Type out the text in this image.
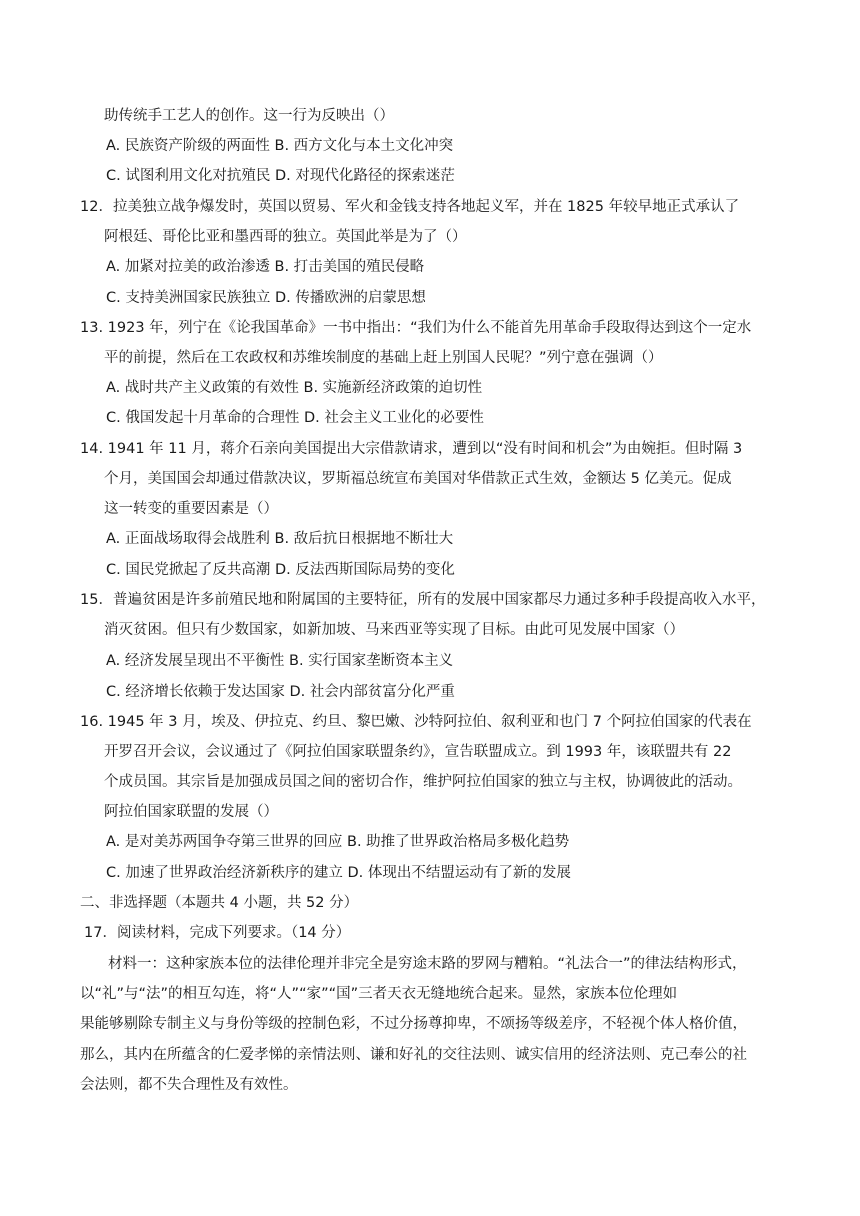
助传统手工艺人的创作。这一行为反映出（）
A. 民族资产阶级的两面性 B. 西方文化与本土文化冲突
C. 试图利用文化对抗殖民 D. 对现代化路径的探索迷茫
12．拉美独立战争爆发时，英国以贸易、军火和金钱支持各地起义军，并在 1825 年较早地正式承认了
阿根廷、哥伦比亚和墨西哥的独立。英国此举是为了（）
A. 加紧对拉美的政治渗透 B. 打击美国的殖民侵略
C. 支持美洲国家民族独立 D. 传播欧洲的启蒙思想
13. 1923 年，列宁在《论我国革命》一书中指出：“我们为什么不能首先用革命手段取得达到这个一定水
平的前提，然后在工农政权和苏维埃制度的基础上赶上别国人民呢？”列宁意在强调（）
A. 战时共产主义政策的有效性 B. 实施新经济政策的迫切性
C. 俄国发起十月革命的合理性 D. 社会主义工业化的必要性
14. 1941 年 11 月，蒋介石亲向美国提出大宗借款请求，遭到以“没有时间和机会”为由婉拒。但时隔 3
个月，美国国会却通过借款决议，罗斯福总统宣布美国对华借款正式生效，金额达 5 亿美元。促成
这一转变的重要因素是（）
A. 正面战场取得会战胜利 B. 敌后抗日根据地不断壮大
C. 国民党掀起了反共高潮 D. 反法西斯国际局势的变化
15．普遍贫困是许多前殖民地和附属国的主要特征，所有的发展中国家都尽力通过多种手段提高收入水平，
消灭贫困。但只有少数国家，如新加坡、马来西亚等实现了目标。由此可见发展中国家（）
A. 经济发展呈现出不平衡性 B. 实行国家垄断资本主义
C. 经济增长依赖于发达国家 D. 社会内部贫富分化严重
16. 1945 年 3 月，埃及、伊拉克、约旦、黎巴嫩、沙特阿拉伯、叙利亚和也门 7 个阿拉伯国家的代表在
开罗召开会议，会议通过了《阿拉伯国家联盟条约》，宣告联盟成立。到 1993 年，该联盟共有 22
个成员国。其宗旨是加强成员国之间的密切合作，维护阿拉伯国家的独立与主权，协调彼此的活动。
阿拉伯国家联盟的发展（）
A. 是对美苏两国争夺第三世界的回应 B. 助推了世界政治格局多极化趋势
C. 加速了世界政治经济新秩序的建立 D. 体现出不结盟运动有了新的发展
二、非选择题（本题共 4 小题，共 52 分）
17．阅读材料，完成下列要求。（14 分）
材料一：这种家族本位的法律伦理并非完全是穷途末路的罗网与糟粕。“礼法合一”的律法结构形式，
以“礼”与“法”的相互勾连，将“人”“家”“国”三者天衣无缝地统合起来。显然，家族本位伦理如
果能够剔除专制主义与身份等级的控制色彩，不过分扬尊抑卑，不颂扬等级差序，不轻视个体人格价值，
那么，其内在所蕴含的仁爱孝悌的亲情法则、谦和好礼的交往法则、诚实信用的经济法则、克己奉公的社
会法则，都不失合理性及有效性。
